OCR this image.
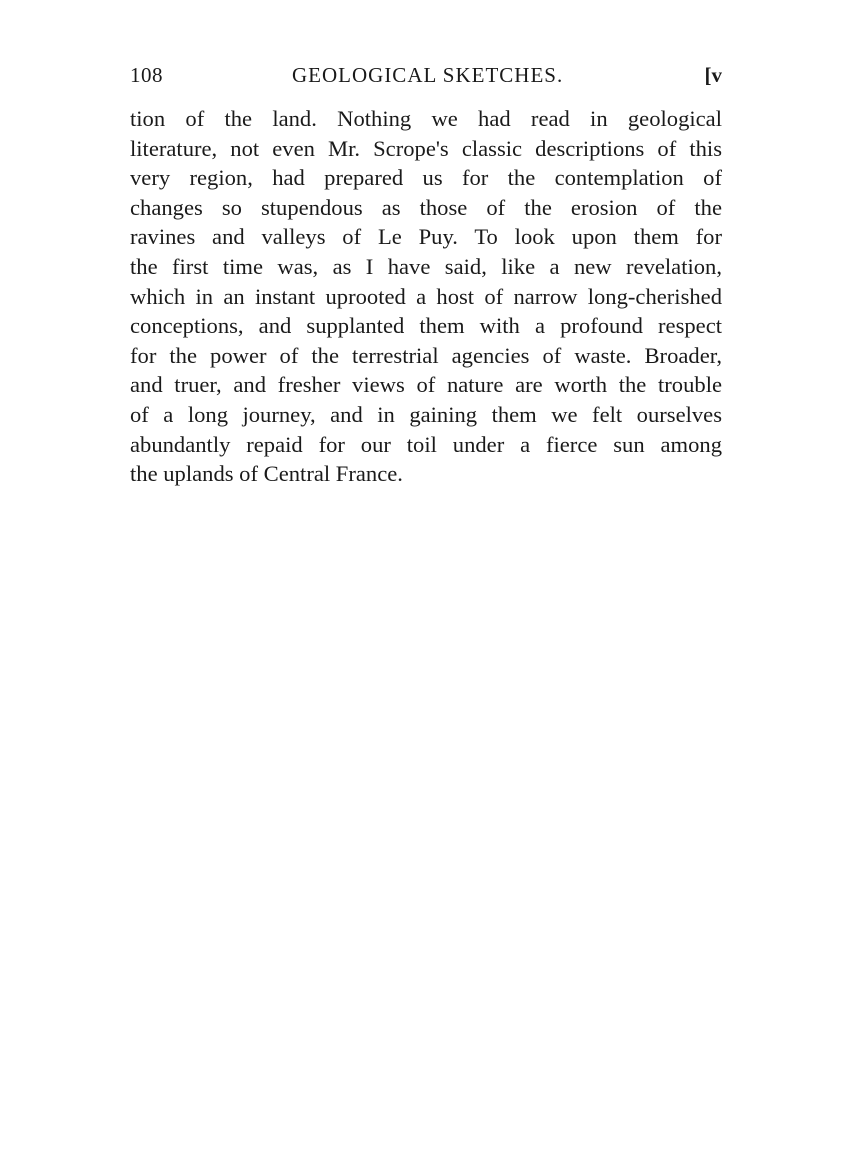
108	GEOLOGICAL SKETCHES.	[v
tion of the land. Nothing we had read in geological
literature, not even Mr. Scrope's classic descriptions of this
very region, had prepared us for the contemplation of
changes so stupendous as those of the erosion of the
ravines and valleys of Le Puy. To look upon them for
the first time was, as I have said, like a new revelation,
which in an instant uprooted a host of narrow long-cherished
conceptions, and supplanted them with a profound respect
for the power of the terrestrial agencies of waste. Broader,
and truer, and fresher views of nature are worth the trouble
of a long journey, and in gaining them we felt ourselves
abundantly repaid for our toil under a fierce sun among
the uplands of Central France.
